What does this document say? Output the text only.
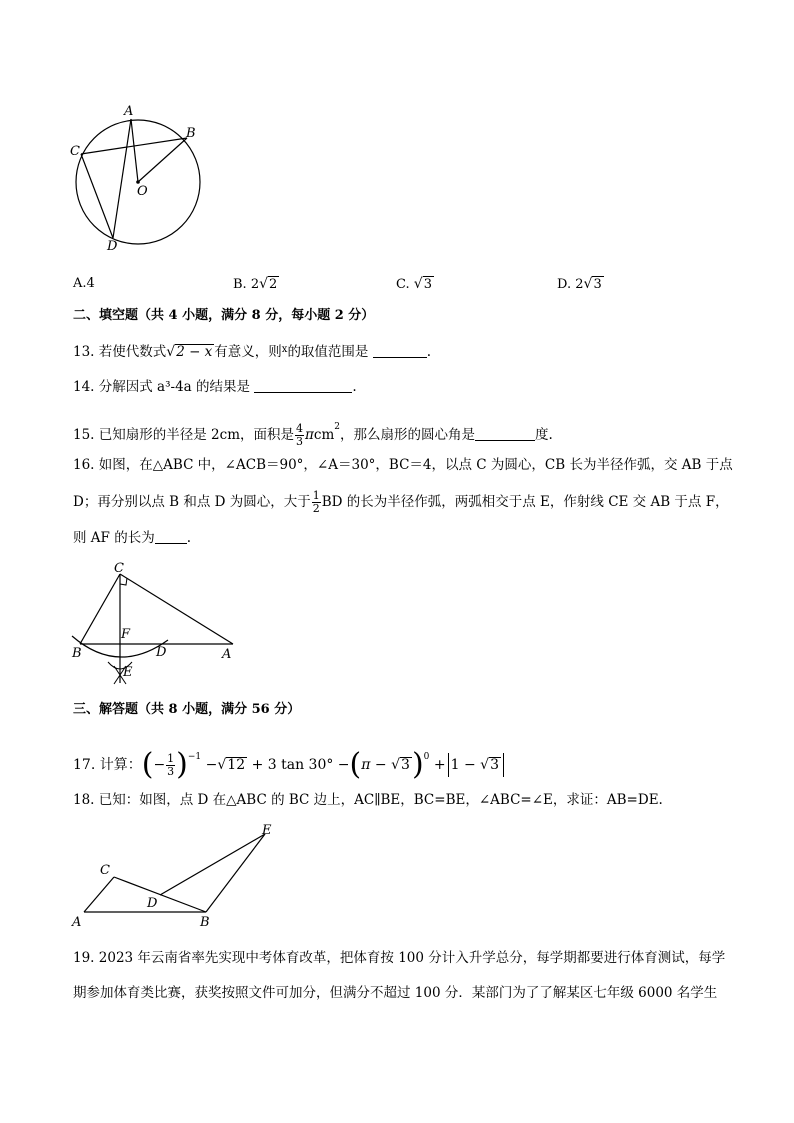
A
B
C
O
D
A.4	B. 2√2	C. √3	D. 2√3
二、填空题（共 4 小题，满分 8 分，每小题 2 分）
13. 若使代数式√2 − x 有意义，则$^x$的取值范围是	.
14. 分解因式 a³-4a 的结果是	.
15. 已知扇形的半径是 2cm，面积是 $\frac{4}{3} \pi cm^2$，那么扇形的圆心角是	度.
16. 如图，在△ABC 中，∠ACB＝90°，∠A＝30°，BC＝4，以点 C 为圆心，CB 长为半径作弧，交 AB 于点
D；再分别以点 B 和点 D 为圆心，大于 $\frac{1}{2}$ BD 的长为半径作弧，两弧相交于点 E，作射线 CE 交 AB 于点 F，
则 AF 的长为 .
C
F
B	D	A
E
三、解答题（共 8 小题，满分 56 分）
17. 计算：(− $\frac{1}{3} )^{-1} -√12 + 3$ $\tan 30^\circ -(\pi - √3)^0 + 1 - √3$
18. 已知：如图，点 D 在△ABC 的 BC 边上，AC∥BE，BC=BE，∠ABC=∠E，求证：AB=DE.
E
C
D
A	B
19. 2023 年云南省率先实现中考体育改革，把体育按 100 分计入升学总分，每学期都要进行体育测试，每学
期参加体育类比赛，获奖按照文件可加分，但满分不超过 100 分．某部门为了了解某区七年级 6000 名学生
